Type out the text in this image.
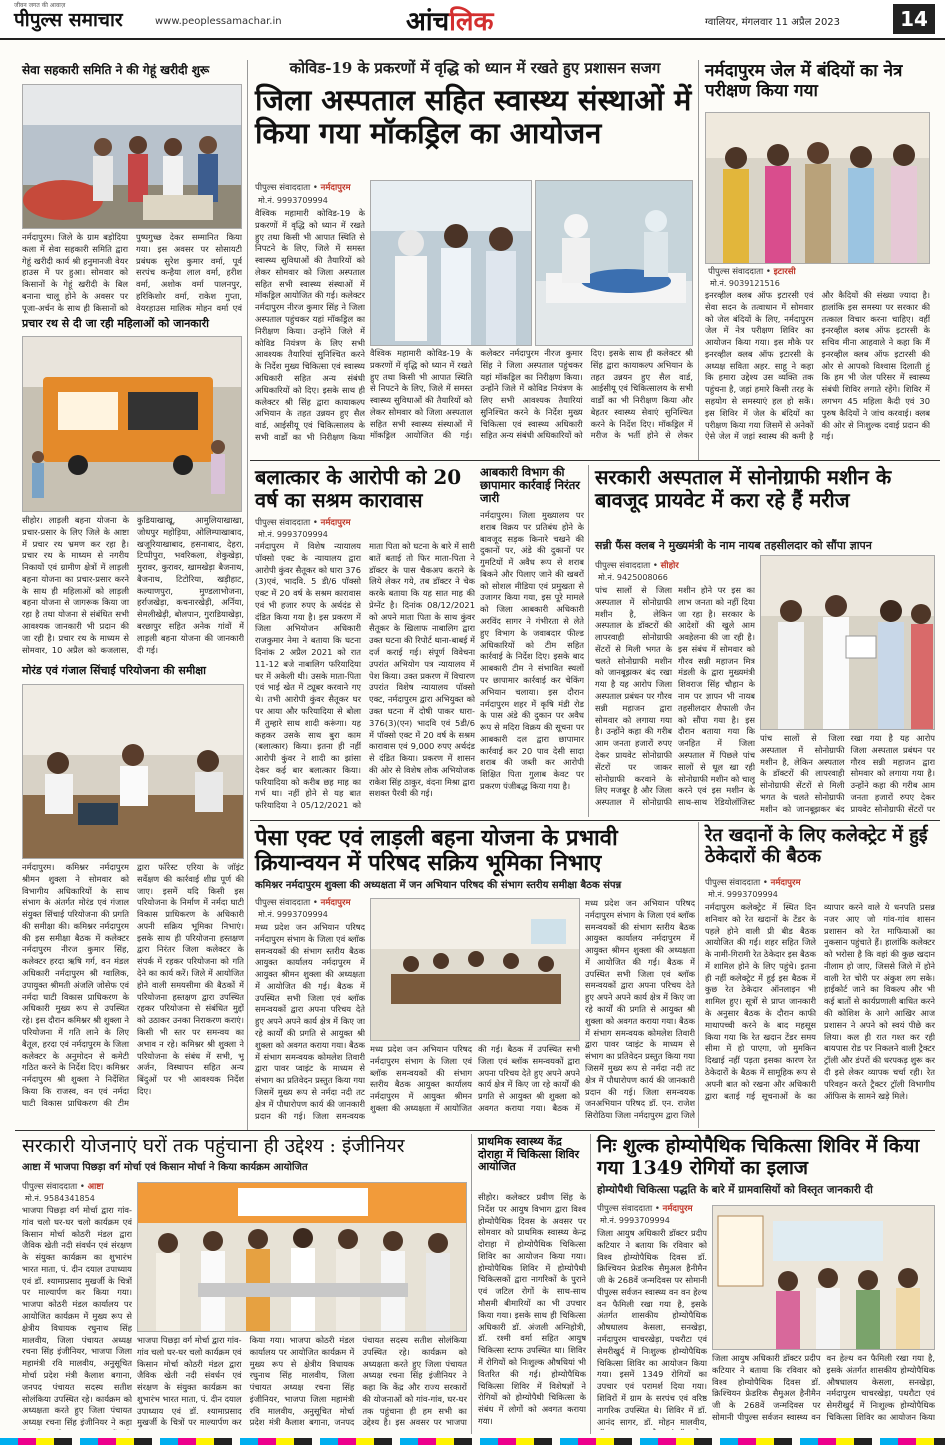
जीवन जगत की आवाज़
पीपुल्स समाचार	www.peoplessamachar.in	आंचलिक	ग्वालियर, मंगलवार 11 अप्रैल 2023	14
सेवा सहकारी समिति ने की गेहूं खरीदी शुरू
नर्मदापुरम। जिले के ग्राम बड़ोदिया कला में सेवा सहकारी समिति द्वारा गेहूं खरीदी कार्य श्री हनुमानजी वेयर हाउस में पर हुआ। सोमवार को किसानों के गेहूं खरीदी के बिल बनाना चालू होने के अवसर पर पूजा-अर्चन के साथ ही किसानों को पुष्पगुच्छ देकर सम्मानित किया गया। इस अवसर पर सोसायटी प्रबंधक सुरेश कुमार वर्मा, पूर्व सरपंच कन्हैया लाल वर्मा, हरीश वर्मा, अशोक वर्मा पालनपुर, हरिकिशोर वर्मा, राकेश गुप्ता, वेयरहाउस मालिक मोहन वर्मा एवं
प्रचार रथ से दी जा रही महिलाओं को जानकारी
सीहोर। लाड़ली बहना योजना के प्रचार-प्रसार के लिए जिले के आष्टा में प्रचार रथ भ्रमण कर रहा है। प्रचार रथ के माध्यम से नगरीय निकायों एवं ग्रामीण क्षेत्रों में लाड़ली बहना योजना का प्रचार-प्रसार करने के साथ ही महिलाओं को लाड़ली बहना योजना से जागरूक किया जा रहा है तथा योजना से संबंधित सभी आवश्यक जानकारी भी प्रदान की जा रही है। प्रचार रथ के माध्यम से सोमवार, 10 अप्रैल को कजलास, कुडियाखाखू, आमुलियाखाखा, जोधपुर महोड़िया, ओलिम्पाखाबाद, खजूरियाखाबाद, हसनाबाद, देहरा, टिप्पीपुरा, भवरिकला, शेकुखेड़ा, मुरावर, कुरावर, खामखेड़ा बैजनाथ, बैजनाथ, टिटोरिया, खड़ीहाट, कल्याणपुरा, मुण्डलाभोजना, हर्राजखेड़ा, कचनारखेड़ी, अर्निया, सेमलीखेड़ी, बोलपान, गुराडियाखेड़ा, बरछापुर सहित अनेक गांवों में लाड़ली बहना योजना की जानकारी दी गई।
मोरंड एवं गंजाल सिंचाई परियोजना की समीक्षा
नर्मदापुरम। कमिश्नर नर्मदापुरम श्रीमन शुक्ला ने सोमवार को विभागीय अधिकारियों के साथ संभाग के अंतर्गत मोरंड एवं गंजाल संयुक्त सिंचाई परियोजना की प्रगति की समीक्षा की। कमिश्नर नर्मदापुरम की इस समीक्षा बैठक में कलेक्टर नर्मदापुरम नीरज कुमार सिंह, कलेक्टर हरदा ऋषि गर्ग, वन मंडल अधिकारी नर्मदापुरम श्री ग्वालिक, उपायुक्त श्रीमती अंजलि जोसेफ एवं नर्मदा घाटी विकास प्राधिकरण के अधिकारी मुख्य रूप से उपस्थित रहे। इस दौरान कमिश्नर श्री शुक्ला ने परियोजना में गति लाने के लिए बैतूल, हरदा एवं नर्मदापुरम के जिला कलेक्टर के अनुमोदन से कमेटी गठित करने के निर्देश दिए। कमिश्नर नर्मदापुरम श्री शुक्ला ने निर्देशित किया कि राजस्व, वन एवं नर्मदा घाटी विकास प्राधिकरण की टीम द्वारा फॉरेस्ट एरिया के जॉइंट सर्वेक्षण की कार्रवाई शीघ्र पूर्ण की जाए। इसमें यदि किसी इस परियोजना के निर्माण में नर्मदा घाटी विकास प्राधिकरण के अधिकारी अपनी सक्रिय भूमिका निभाएं। इसके साथ ही परियोजना हस्तक्षण द्वारा निरंतर जिला कलेक्टर के संपर्क में रहकर परियोजना को गति देने का कार्य करें। जिले में आयोजित होने वाली समयसीमा की बैठकों में परियोजना हस्तक्षण द्वारा उपस्थित रहकर परियोजना से संबंधित मुद्दों को उठाकर उनका निराकरण कराएं। किसी भी स्तर पर समन्वय का अभाव न रहे। कमिश्नर श्री शुक्ला ने परियोजना के संबंध में सभी, भू अर्जन, विस्थापन सहित अन्य बिंदुओं पर भी आवश्यक निर्देश दिए।
कोविड-19 के प्रकरणों में वृद्धि को ध्यान में रखते हुए प्रशासन सजग
जिला अस्पताल सहित स्वास्थ्य संस्थाओं में किया गया मॉकड्रिल का आयोजन
पीपुल्स संवाददाता • नर्मदापुरम
मो.नं. 9993709994
वैश्विक महामारी कोविड-19 के प्रकरणों में वृद्धि को ध्यान में रखते हुए तथा किसी भी आपात स्थिति से निपटने के लिए, जिले में समस्त स्वास्थ्य सुविधाओं की तैयारियों को लेकर सोमवार को जिला अस्पताल सहित सभी स्वास्थ्य संस्थाओं में मॉकड्रिल आयोजित की गई। कलेक्टर नर्मदापुरम नीरज कुमार सिंह ने जिला अस्पताल पहुंचकर यहां मॉकड्रिल का निरीक्षण किया। उन्होंने जिले में कोविड नियंत्रण के लिए सभी आवश्यक तैयारियां सुनिश्चित करने के निर्देश मुख्य चिकित्सा एवं स्वास्थ्य अधिकारी सहित अन्य संबंधी अधिकारियों को दिए। इसके साथ ही कलेक्टर श्री सिंह द्वारा कायाकल्प अभियान के तहत उन्नयन हुए सैल वार्ड, आईसीयू एवं चिकित्सालय के सभी वार्डों का भी निरीक्षण किया
वैश्विक महामारी कोविड-19 के प्रकरणों में वृद्धि को ध्यान में रखते हुए तथा किसी भी आपात स्थिति से निपटने के लिए, जिले में समस्त स्वास्थ्य सुविधाओं की तैयारियों को लेकर सोमवार को जिला अस्पताल सहित सभी स्वास्थ्य संस्थाओं में मॉकड्रिल आयोजित की गई। कलेक्टर नर्मदापुरम नीरज कुमार सिंह ने जिला अस्पताल पहुंचकर यहां मॉकड्रिल का निरीक्षण किया। उन्होंने जिले में कोविड नियंत्रण के लिए सभी आवश्यक तैयारियां सुनिश्चित करने के निर्देश मुख्य चिकित्सा एवं स्वास्थ्य अधिकारी सहित अन्य संबंधी अधिकारियों को दिए। इसके साथ ही कलेक्टर श्री सिंह द्वारा कायाकल्प अभियान के तहत उन्नयन हुए सैल वार्ड, आईसीयू एवं चिकित्सालय के सभी वार्डों का भी निरीक्षण किया और बेहतर स्वास्थ्य सेवाएं सुनिश्चित करने के निर्देश दिए। मॉकड्रिल में मरीज के भर्ती होने से लेकर
नर्मदापुरम जेल में बंदियों का नेत्र परीक्षण किया गया
पीपुल्स संवाददाता • इटारसी
मो.नं. 9039121516
इनरव्हील क्लब ऑफ इटारसी एवं सेवा सदन के तत्वाधान में सोमवार को जेल बंदियों के लिए, नर्मदापुरम जेल में नेत्र परीक्षण शिविर का आयोजन किया गया। इस मौके पर इनरव्हील क्लब ऑफ इटारसी के अध्यक्ष सविता अहर. साहू ने कहा कि हमारा उद्देश्य उस व्यक्ति तक पहुंचना है, जहां हमारे किसी तरह के सहयोग से समस्याएं हल हो सकें। इस शिविर में जेल के बंदियों का परीक्षण किया गया जिसमें से अनेकों ऐसे जेल में जहां स्वास्थ की कमी है और कैदियों की संख्या ज्यादा है। हालांकि इस समस्या पर सरकार की तत्काल विचार करना चाहिए। वहीं इनरव्हील क्लब ऑफ इटारसी के सचिव मीना आहवाले ने कहा कि मैं इनरव्हील क्लब ऑफ इटारसी की ओर से आपको विश्वास दिलाती हूं कि हम भी जेल परिसर में स्वास्थ्य संबंधी शिविर लगाते रहेंगे। शिविर में लगभग 45 महिला कैदी एवं 30 पुरुष कैदियों ने जांच करवाई। क्लब की ओर से निःशुल्क दवाई प्रदान की गई।
बलात्कार के आरोपी को 20 वर्ष का सश्रम कारावास
पीपुल्स संवाददाता • नर्मदापुरम
मो.नं. 9993709994
नर्मदापुरम में विशेष न्यायालय पॉक्सो एक्ट के न्यायालय द्वारा आरोपी कुंवर सैतूकर को धारा 376 (3)एवं, भादवि. 5 डी/6 पॉक्सो एक्ट में 20 वर्ष के सश्रम कारावास एवं भी हजार रुपए के अर्थदंड से दंडित किया गया है। इस प्रकरण में जिला अभियोजन अधिकारी राजकुमार नेमा ने बताया कि घटना दिनांक 2 अप्रैल 2021 को रात 11-12 बजे नाबालिग फरियादिया घर में अकेली थी। उसके माता-पिता एवं भाई खेत में ट्यूबर करवाने गए थे। तभी आरोपी कुंवर सैतूकर घर पर आया और फरियादिया से बोला मैं तुम्हारे साथ शादी करूंगा। यह कहकर उसके साथ बुरा काम (बलात्कार) किया। इतना ही नहीं आरोपी कुंवर ने शादी का झांसा देकर कई बार बलात्कार किया। फरियादिया को करीब छह माह का गर्भ था। नहीं होने से यह बात फरियादिया ने 05/12/2021 को माता पिता को घटना के बारे में सारी बातें बताई तो फिर माता-पिता ने डॉक्टर के पास चैकअप कराने के लिये लेकर गये, तब डॉक्टर ने चेक करके बताया कि यह सात माह की प्रेग्नेंट है। दिनांक 08/12/2021 को अपने माता पिता के साथ कुंवर सैतूकर के खिलाफ नाबालिग द्वारा उक्त घटना की रिपोर्ट थाना-बाबई में दर्ज कराई गई। संपूर्ण विवेचना उपरांत अभियोग पत्र न्यायालय में पेश किया। उक्त प्रकरण में विचारण उपरांत विशेष न्यायालय पॉक्सो एक्ट, नर्मदापुरम द्वारा अभियुक्त को उक्त घटना में दोषी पाकर धारा- 376(3)(एन) भादवि एवं 5डी/6 में पॉक्सो एक्ट में 20 वर्ष के सश्रम कारावास एवं 9,000 रुपए अर्थदंड से दंडित किया। प्रकरण में शासन की ओर से विशेष लोक अभियोजक राकेश सिंह ठाकुर, वंदना मिश्रा द्वारा सशक्त पैरवी की गई।
आबकारी विभाग की छापामार कार्रवाई निरंतर जारी
नर्मदापुरम। जिला मुख्यालय पर शराब विक्रय पर प्रतिबंध होने के बावजूद सड़क किनारे चखने की दुकानों पर, अंडे की दुकानों पर गुमटियों में अवैध रूप से शराब बिकने और पिलाए जाने की खबरों को सोशल मीडिया एवं प्रमुखता से उजागर किया गया, इस पूरे मामले को जिला आबकारी अधिकारी अरविंद सागर ने गंभीरता से लेते हुए विभाग के जवाबदार फील्ड अधिकारियों को टीम सहित कार्रवाई के निर्देश दिए। इसके बाद आबकारी टीम ने संभावित स्थलों पर छापामार कार्रवाई कर चेकिंग अभियान चलाया। इस दौरान नर्मदापुरम शहर में कृषि मंडी रोड के पास अंडे की दुकान पर अवैध रूप से मदिरा विक्रय की सूचना पर आबकारी दल द्वारा छापामार कार्रवाई कर 20 पाव देसी सादा शराब की जब्ती कर आरोपी शिक्षित पिता गुलाब केवट पर प्रकरण पंजीबद्ध किया गया है।
सरकारी अस्पताल में सोनोग्राफी मशीन के बावजूद प्रायवेट में करा रहे हैं मरीज
सन्नी फैंस क्लब ने मुख्यमंत्री के नाम नायब तहसीलदार को सौंपा ज्ञापन
पीपुल्स संवाददाता • सीहोर
मो.नं. 9425008066
पांच सालों से जिला अस्पताल में सोनोग्राफी मशीन है, लेकिन अस्पताल के डॉक्टरों की लापरवाही सोनोग्राफी सेंटरों से मिली भगत के चलते सोनोग्राफी मशीन को जानबूझकर बंद रखा गया है यह आरोप जिला अस्पताल प्रबंधन पर गौरव सन्नी महाजन द्वारा सोमवार को लगाया गया है। उन्होंने कहा की गरीब आम जनता हजारों रुपए देकर प्रायवेट सोनोग्राफी सेंटरों पर जाकर सोनोग्राफी करवाने के लिए मजबूर है और जिला अस्पताल में सोनोग्राफी मशीन होने पर इस का लाभ जनता को नहीं दिया जा रहा है। सरकार के आदेशों की खुले आम अवहेलना की जा रही है। इस संबंध में सोमवार को गौरव सन्नी महाजन मित्र मंडली के द्वारा मुख्यमंत्री शिवराज सिंह चौहान के नाम पर ज्ञापन भी नायब तहसीलदार शैफाली जैन को सौंपा गया है। इस दौरान बताया गया कि जनहित में जिला अस्पताल में पिछले पांच सालों से धूल खा रही सोनोग्राफी मशीन को चालू करने एवं इस मशीन के साथ-साथ रेडियोलॉजिस्ट
पांच सालों से जिला अस्पताल में सोनोग्राफी मशीन है, लेकिन अस्पताल के डॉक्टरों की लापरवाही सोनोग्राफी सेंटरों से मिली भगत के चलते सोनोग्राफी मशीन को जानबूझकर बंद रखा गया है यह आरोप जिला अस्पताल प्रबंधन पर गौरव सन्नी महाजन द्वारा सोमवार को लगाया गया है। उन्होंने कहा की गरीब आम जनता हजारों रुपए देकर प्रायवेट सोनोग्राफी सेंटरों पर
पेसा एक्ट एवं लाड़ली बहना योजना के प्रभावी क्रियान्वयन में परिषद सक्रिय भूमिका निभाए
कमिश्नर नर्मदापुरम शुक्ला की अध्यक्षता में जन अभियान परिषद की संभाग स्तरीय समीक्षा बैठक संपन्न
पीपुल्स संवाददाता • नर्मदापुरम
मो.नं. 9993709994
मध्य प्रदेश जन अभियान परिषद नर्मदापुरम संभाग के जिला एवं ब्लॉक समन्वयकों की संभाग स्तरीय बैठक आयुक्त कार्यालय नर्मदापुरम में आयुक्त श्रीमन शुक्ला की अध्यक्षता में आयोजित की गई। बैठक में उपस्थित सभी जिला एवं ब्लॉक समन्वयकों द्वारा अपना परिचय देते हुए अपने अपने कार्य क्षेत्र में किए जा रहे कार्यों की प्रगति से आयुक्त श्री शुक्ला को अवगत कराया गया। बैठक में संभाग समन्वयक कोमलेश तिवारी द्वारा पावर प्वाइंट के माध्यम से संभाग का प्रतिवेदन प्रस्तुत किया गया जिसमें मुख्य रूप से नर्मदा नदी तट क्षेत्र में पौधारोपण कार्य की जानकारी प्रदान की गई। जिला समन्वयक
मध्य प्रदेश जन अभियान परिषद नर्मदापुरम संभाग के जिला एवं ब्लॉक समन्वयकों की संभाग स्तरीय बैठक आयुक्त कार्यालय नर्मदापुरम में आयुक्त श्रीमन शुक्ला की अध्यक्षता में आयोजित की गई। बैठक में उपस्थित सभी जिला एवं ब्लॉक समन्वयकों द्वारा अपना परिचय देते हुए अपने अपने कार्य क्षेत्र में किए जा रहे कार्यों की प्रगति से आयुक्त श्री शुक्ला को अवगत कराया गया। बैठक में
मध्य प्रदेश जन अभियान परिषद नर्मदापुरम संभाग के जिला एवं ब्लॉक समन्वयकों की संभाग स्तरीय बैठक आयुक्त कार्यालय नर्मदापुरम में आयुक्त श्रीमन शुक्ला की अध्यक्षता में आयोजित की गई। बैठक में उपस्थित सभी जिला एवं ब्लॉक समन्वयकों द्वारा अपना परिचय देते हुए अपने अपने कार्य क्षेत्र में किए जा रहे कार्यों की प्रगति से आयुक्त श्री शुक्ला को अवगत कराया गया। बैठक में संभाग समन्वयक कोमलेश तिवारी द्वारा पावर प्वाइंट के माध्यम से संभाग का प्रतिवेदन प्रस्तुत किया गया जिसमें मुख्य रूप से नर्मदा नदी तट क्षेत्र में पौधारोपण कार्य की जानकारी प्रदान की गई। जिला समन्वयक जनअभियान परिषद डॉ. एन. राजेश सिरोठिया जिला नर्मदापुरम द्वारा जिले
रेत खदानों के लिए कलेक्ट्रेट में हुई ठेकेदारों की बैठक
पीपुल्स संवाददाता • नर्मदापुरम
मो.नं. 9993709994
नर्मदापुरम कलेक्ट्रेट में स्थित दिन शनिवार को रेत खदानों के टेंडर के पहले होने वाली प्री बीड बैठक आयोजित की गई। शहर सहित जिले के नामी-गिरामी रेत ठेकेदार इस बैठक में शामिल होने के लिए पहुंचे। इतना ही नहीं कलेक्ट्रेट में हुई इस बैठक में कुछ रेत ठेकेदार ऑनलाइन भी शामिल हुए। सूत्रों से प्राप्त जानकारी के अनुसार बैठक के दौरान काफी माथापच्ची करने के बाद महसूस किया गया कि रेत खदान टेंडर समय सीमा में हो पाएगा, जो मुमकिन दिखाई नहीं पड़ता इसका कारण रेत ठेकेदारों के बैठक में सामूहिक रूप से अपनी बात को रखना और अधिकारी द्वारा बताई गई सूचनाओं के का व्यापार करने वाले ये धनपति प्रसन्न नजर आए जो गांव-गांव शासन प्रशासन को रेत माफियाओं का नुकसान पहुंचाते हैं। हालांकि कलेक्टर को भरोसा है कि वहां की कुछ खदान नीलाम हो जाए, जिससे जिले में होने वाली रेत चोरी पर अंकुश लग सके। हाईकोर्ट जाने का विकल्प और भी कई बातों से कार्यप्रणाली बाधित करने की कोशिश के आगे आखिर आज प्रशासन ने अपने को स्वयं पीछे कर लिया। कल ही रात गश्त कर रही बायपास रोड पर निकलने वाली ट्रैक्टर ट्रॉली और डंपरों की धरपकड़ शुरू कर दी इसे लेकर व्यापक चर्चा रही। रेत परिवहन करते ट्रैक्टर ट्रॉली विभागीय ऑफिस के सामने खड़े मिले।
सरकारी योजनाएं घरों तक पहुंचाना ही उद्देश्य : इंजीनियर
आष्टा में भाजपा पिछड़ा वर्ग मोर्चा एवं किसान मोर्चा ने किया कार्यक्रम आयोजित
पीपुल्स संवाददाता • आष्टा
मो.नं. 9584341854
भाजपा पिछड़ा वर्ग मोर्चा द्वारा गांव-गांव चलो घर-घर चलो कार्यक्रम एवं किसान मोर्चा कोठरी मंडल द्वारा जैविक खेती नदी संवर्धन एवं संरक्षण के संयुक्त कार्यक्रम का शुभारंभ भारत माता, पं. दीन दयाल उपाध्याय एवं डॉ. श्यामाप्रसाद मुखर्जी के चित्रों पर माल्यार्पण कर किया गया। भाजपा कोठरी मंडल कार्यालय पर आयोजित कार्यक्रम में मुख्य रूप से क्षेत्रीय विधायक रघुनाथ सिंह मालवीय, जिला पंचायत अध्यक्ष रचना सिंह इंजीनियर, भाजपा जिला महामंत्री रवि मालवीय, अनुसूचित मोर्चा प्रदेश मंत्री कैलाश बगाना, जनपद पंचायत सदस्य सतीश सोलंकिया उपस्थित रहे। कार्यक्रम को अध्यक्षता करते हुए जिला पंचायत अध्यक्ष रचना सिंह इंजीनियर ने कहा
भाजपा पिछड़ा वर्ग मोर्चा द्वारा गांव-गांव चलो घर-घर चलो कार्यक्रम एवं किसान मोर्चा कोठरी मंडल द्वारा जैविक खेती नदी संवर्धन एवं संरक्षण के संयुक्त कार्यक्रम का शुभारंभ भारत माता, पं. दीन दयाल उपाध्याय एवं डॉ. श्यामाप्रसाद मुखर्जी के चित्रों पर माल्यार्पण कर किया गया। भाजपा कोठरी मंडल कार्यालय पर आयोजित कार्यक्रम में मुख्य रूप से क्षेत्रीय विधायक रघुनाथ सिंह मालवीय, जिला पंचायत अध्यक्ष रचना सिंह इंजीनियर, भाजपा जिला महामंत्री रवि मालवीय, अनुसूचित मोर्चा प्रदेश मंत्री कैलाश बगाना, जनपद पंचायत सदस्य सतीश सोलंकिया उपस्थित रहे। कार्यक्रम को अध्यक्षता करते हुए जिला पंचायत अध्यक्ष रचना सिंह इंजीनियर ने कहा कि केंद्र और राज्य सरकारों की योजनाओं को गांव-गांव, घर-घर तक पहुंचाना ही हम सभी का उद्देश्य है। इस अवसर पर भाजपा
प्राथमिक स्वास्थ्य केंद्र दोराहा में चिकित्सा शिविर आयोजित
सीहोर। कलेक्टर प्रवीण सिंह के निर्देश पर आयुष विभाग द्वारा विश्व होम्योपैथिक दिवस के अवसर पर सोमवार को प्राथमिक स्वास्थ्य केन्द्र दोराहा में होम्योपैथिक चिकित्सा शिविर का आयोजन किया गया। होम्योपैथिक शिविर में होम्योपैथी चिकित्सकों द्वारा नागरिकों के पुराने एवं जटिल रोगों के साथ-साथ मौसमी बीमारियों का भी उपचार किया गया। इसके साथ ही चिकित्सा अधिकारी डॉ. अंजली अग्निहोत्री, डॉ. रश्मी वर्मा सहित आयुष चिकित्सा स्टाफ उपस्थित था। शिविर में रोगियों को निःशुल्क औषधियां भी वितरित की गई। होम्योपैथिक चिकित्सा शिविर में विशेषज्ञों ने रोगियों को होम्योपैथी चिकित्सा के संबंध में लोगों को अवगत कराया गया।
निः शुल्क होम्योपैथिक चिकित्सा शिविर में किया गया 1349 रोगियों का इलाज
होम्योपैथी चिकित्सा पद्धति के बारे में ग्रामवासियों को विस्तृत जानकारी दी
पीपुल्स संवाददाता • नर्मदापुरम
मो.नं. 9993709994
जिला आयुष अधिकारी डॉक्टर प्रदीप कटियार ने बताया कि रविवार को विश्व होम्योपैथिक दिवस डॉ. क्रिश्चियन फ्रेडरिक सैमुअल हैनीमैन जी के 268वें जन्मदिवस पर सोमानी पीपुल्स सर्वजन स्वास्थ्य वन वन हेल्थ वन फैमिली रखा गया है, इसके अंतर्गत शासकीय होम्योपैथिक औषधालय केसला, सनखेड़ा, नर्मदापुरम चाचरखेड़ा, पथरौटा एवं सेमरीखुर्द में निःशुल्क होम्योपैथिक चिकित्सा शिविर का आयोजन किया गया। इसमें 1349 रोगियों का उपचार एवं परामर्श दिया गया। शिविरों में ग्राम के सरपंच एवं वरिष्ठ नागरिक उपस्थित थे। शिविर में डॉ. आनंद सागर, डॉ. मोहन मालवीय,
जिला आयुष अधिकारी डॉक्टर प्रदीप कटियार ने बताया कि रविवार को विश्व होम्योपैथिक दिवस डॉ. क्रिश्चियन फ्रेडरिक सैमुअल हैनीमैन जी के 268वें जन्मदिवस पर सोमानी पीपुल्स सर्वजन स्वास्थ्य वन वन हेल्थ वन फैमिली रखा गया है, इसके अंतर्गत शासकीय होम्योपैथिक औषधालय केसला, सनखेड़ा, नर्मदापुरम चाचरखेड़ा, पथरौटा एवं सेमरीखुर्द में निःशुल्क होम्योपैथिक चिकित्सा शिविर का आयोजन किया
